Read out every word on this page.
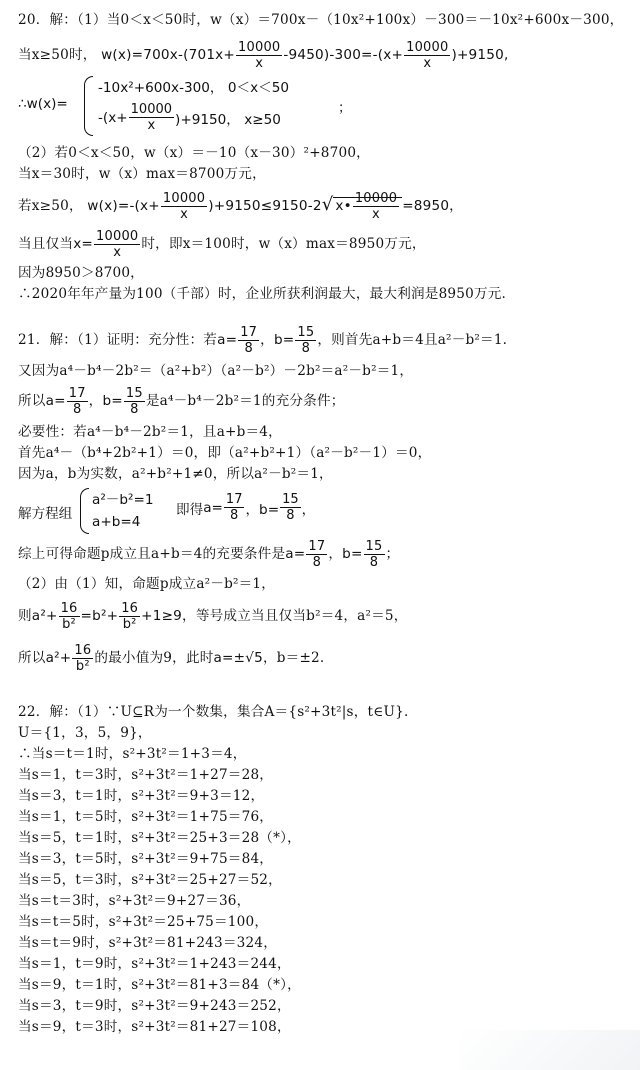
20．解：（1）当0＜x＜50时，w（x）＝700x－（10x²+100x）－300＝－10x²+600x－300，
当x≥50时， $w(x)=700x-(701x+ \frac{10000}{x} -9450)-300=-(x+ \frac{10000}{x} )+9150$,
∴w(x)=
-10x²+600x-300， 0＜x＜50
$-(x+ \frac{10000}{x} )+9150$， x≥50
；
（2）若0＜x＜50，w（x）＝－10（x－30）²+8700，
当x＝30时，w（x）max＝8700万元，
若x≥50， $w(x)=-(x+ \frac{10000}{x} )+9150\le 9150-2√$ x• $\frac{10000}{x} =8950$，
当且仅当$x= \frac{10000}{x}$ 时，即x＝100时，w（x）max＝8950万元，
因为8950＞8700，
∴2020年年产量为100（千部）时，企业所获利润最大，最大利润是8950万元.
21．解：（1）证明：充分性：若$a= \frac{17}{8}$ ，$b= \frac{15}{8}$ ，则首先a+b＝4且a²－b²＝1.
又因为a⁴－b⁴－2b²＝（a²+b²）（a²－b²）－2b²＝a²－b²＝1，
所以$a= \frac{17}{8}$ ，$b= \frac{15}{8}$ 是a⁴－b⁴－2b²＝1的充分条件；
必要性：若a⁴－b⁴－2b²＝1，且a+b＝4，
首先a⁴－（b⁴+2b²+1）＝0，即（a²+b²+1）（a²－b²－1）＝0，
因为a，b为实数，a²+b²+1≠0，所以a²－b²＝1，
解方程组
a²－b²=1
a+b=4
即得 $a= \frac{17}{8}$ ，$b= \frac{15}{8}$ ，
综上可得命题p成立且a+b＝4的充要条件是$a= \frac{17}{8}$ ，$b= \frac{15}{8}$ ；
（2）由（1）知，命题p成立a²－b²＝1，
则$a^2+ \frac{16}{\text{b²}} =b^2+ \frac{16}{\text{b²}} +1\ge 9$，等号成立当且仅当b²＝4，a²＝5，
所以$a^2+ \frac{16}{\text{b²}}$ 的最小值为9，此时a=±√5，b＝±2.
22．解：（1）∵U⊆R为一个数集，集合A＝{s²+3t²|s，t∈U}.
U＝{1，3，5，9}，
∴当s＝t＝1时，s²+3t²＝1+3＝4，
当s＝1，t＝3时，s²+3t²＝1+27＝28，
当s＝3，t＝1时，s²+3t²＝9+3＝12，
当s＝1，t＝5时，s²+3t²＝1+75＝76，
当s＝5，t＝1时，s²+3t²＝25+3＝28（*），
当s＝3，t＝5时，s²+3t²＝9+75＝84，
当s＝5，t＝3时，s²+3t²＝25+27＝52，
当s＝t＝3时，s²+3t²＝9+27＝36，
当s＝t＝5时，s²+3t²＝25+75＝100，
当s＝t＝9时，s²+3t²＝81+243＝324，
当s＝1，t＝9时，s²+3t²＝1+243＝244，
当s＝9，t＝1时，s²+3t²＝81+3＝84（*），
当s＝3，t＝9时，s²+3t²＝9+243＝252，
当s＝9，t＝3时，s²+3t²＝81+27＝108，
